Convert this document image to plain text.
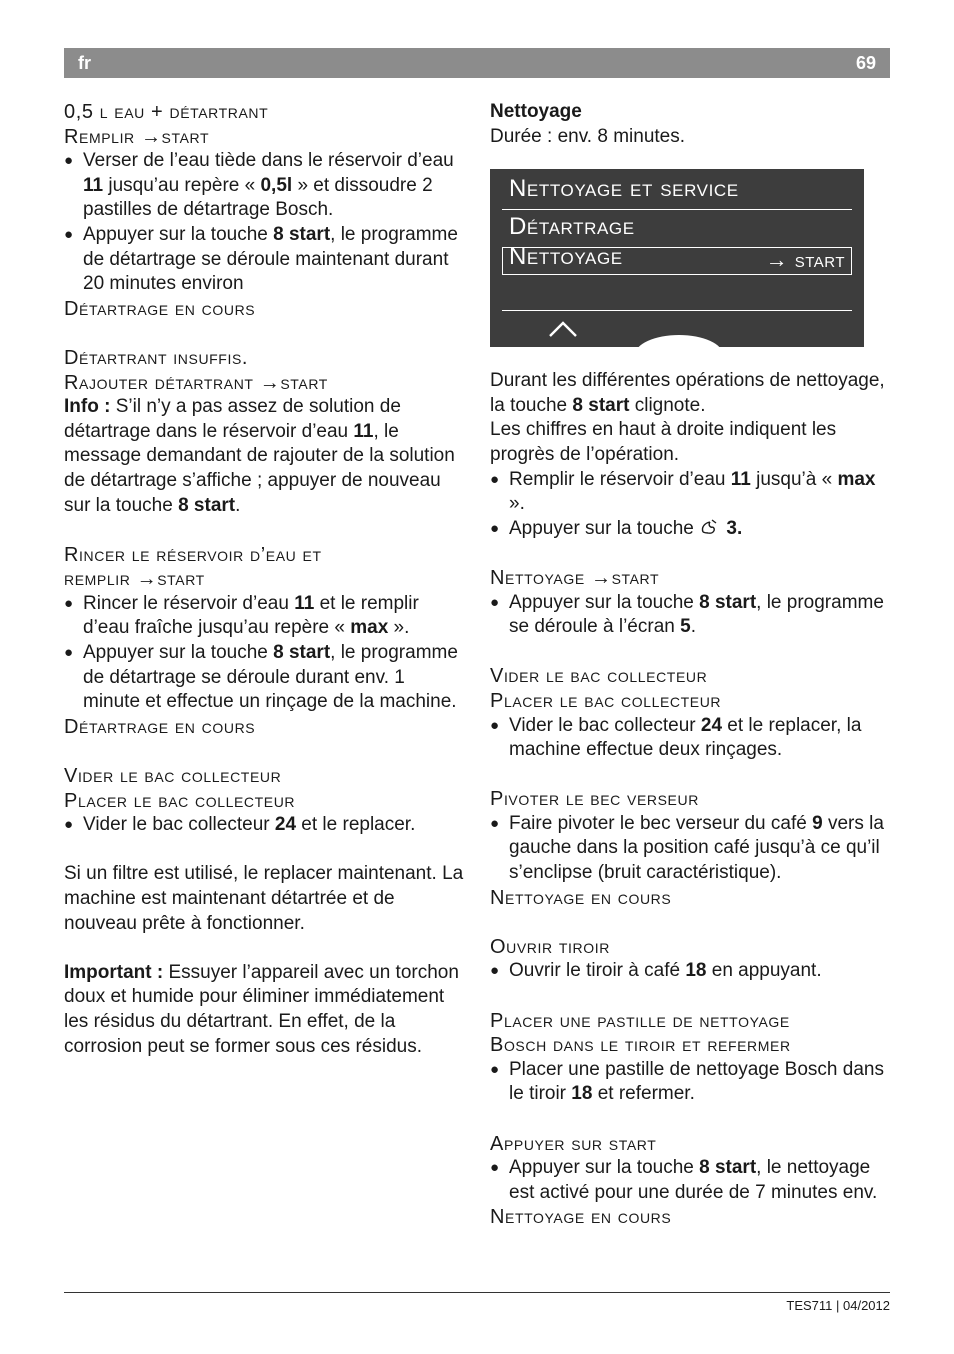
fr	69

0,5 l eau + détartrant

Remplir →start

● Verser de l’eau tiède dans le réservoir d’eau 11 jusqu’au repère « 0,5l » et dissoudre 2 pastilles de détartrage Bosch.

● Appuyer sur la touche 8 start, le programme de détartrage se déroule maintenant durant 20 minutes environ

Détartrage en cours

Détartrant insuffis.

Rajouter détartrant →start

Info : S’il n’y a pas assez de solution de détartrage dans le réservoir d’eau 11, le message demandant de rajouter de la solution de détartrage s’affiche ; appuyer de nouveau sur la touche 8 start.

Rincer le réservoir d’eau et

remplir →start

● Rincer le réservoir d’eau 11 et le remplir d’eau fraîche jusqu’au repère « max ».

● Appuyer sur la touche 8 start, le programme de détartrage se déroule durant env. 1 minute et effectue un rinçage de la machine.

Détartrage en cours

Vider le bac collecteur

Placer le bac collecteur

● Vider le bac collecteur 24 et le replacer.

Si un filtre est utilisé, le replacer maintenant. La machine est maintenant détartrée et de nouveau prête à fonctionner.

Important : Essuyer l’appareil avec un torchon doux et humide pour éliminer immédiatement les résidus du détartrant. En effet, de la corrosion peut se former sous ces résidus.

Nettoyage

Durée : env. 8 minutes.

Nettoyage et service
Détartrage
Nettoyage	→ start

Durant les différentes opérations de nettoyage, la touche 8 start clignote.

Les chiffres en haut à droite indiquent les progrès de l’opération.

● Remplir le réservoir d’eau 11 jusqu’à « max ».

● Appuyer sur la touche  3.

Nettoyage →start

● Appuyer sur la touche 8 start, le programme se déroule à l’écran 5.

Vider le bac collecteur

Placer le bac collecteur

● Vider le bac collecteur 24 et le replacer, la machine effectue deux rinçages.

Pivoter le bec verseur

● Faire pivoter le bec verseur du café 9 vers la gauche dans la position café jusqu’à ce qu’il s’enclipse (bruit caractéristique).

Nettoyage en cours

Ouvrir tiroir

● Ouvrir le tiroir à café 18 en appuyant.

Placer une pastille de nettoyage

Bosch dans le tiroir et refermer

● Placer une pastille de nettoyage Bosch dans le tiroir 18 et refermer.

Appuyer sur start

● Appuyer sur la touche 8 start, le nettoyage est activé pour une durée de 7 minutes env.

Nettoyage en cours

TES711 | 04/2012
